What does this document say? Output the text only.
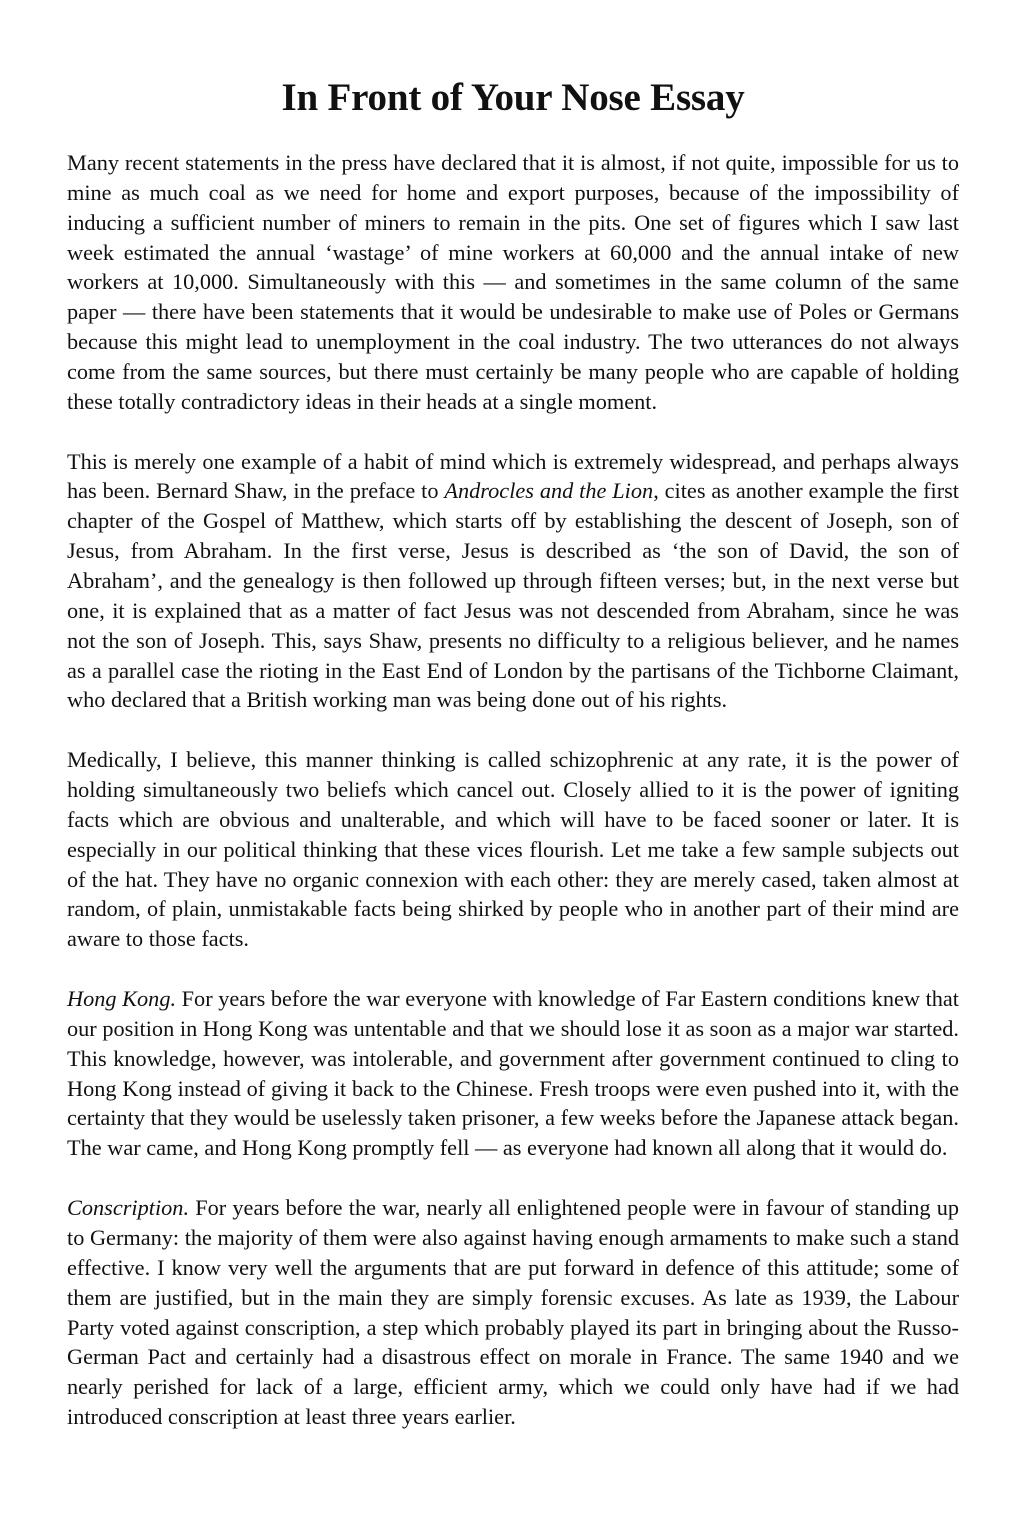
In Front of Your Nose Essay

Many recent statements in the press have declared that it is almost, if not quite, impossible for us to mine as much coal as we need for home and export purposes, because of the impossibility of inducing a sufficient number of miners to remain in the pits. One set of figures which I saw last week estimated the annual ‘wastage’ of mine workers at 60,000 and the annual intake of new workers at 10,000. Simultaneously with this — and sometimes in the same column of the same paper — there have been statements that it would be undesirable to make use of Poles or Germans because this might lead to unemployment in the coal industry. The two utterances do not always come from the same sources, but there must certainly be many people who are capable of holding these totally contradictory ideas in their heads at a single moment.

This is merely one example of a habit of mind which is extremely widespread, and perhaps always has been. Bernard Shaw, in the preface to Androcles and the Lion, cites as another example the first chapter of the Gospel of Matthew, which starts off by establishing the descent of Joseph, son of Jesus, from Abraham. In the first verse, Jesus is described as ‘the son of David, the son of Abraham’, and the genealogy is then followed up through fifteen verses; but, in the next verse but one, it is explained that as a matter of fact Jesus was not descended from Abraham, since he was not the son of Joseph. This, says Shaw, presents no difficulty to a religious believer, and he names as a parallel case the rioting in the East End of London by the partisans of the Tichborne Claimant, who declared that a British working man was being done out of his rights.

Medically, I believe, this manner thinking is called schizophrenic at any rate, it is the power of holding simultaneously two beliefs which cancel out. Closely allied to it is the power of igniting facts which are obvious and unalterable, and which will have to be faced sooner or later. It is especially in our political thinking that these vices flourish. Let me take a few sample subjects out of the hat. They have no organic connexion with each other: they are merely cased, taken almost at random, of plain, unmistakable facts being shirked by people who in another part of their mind are aware to those facts.

Hong Kong. For years before the war everyone with knowledge of Far Eastern conditions knew that our position in Hong Kong was untentable and that we should lose it as soon as a major war started. This knowledge, however, was intolerable, and government after government continued to cling to Hong Kong instead of giving it back to the Chinese. Fresh troops were even pushed into it, with the certainty that they would be uselessly taken prisoner, a few weeks before the Japanese attack began. The war came, and Hong Kong promptly fell — as everyone had known all along that it would do.

Conscription. For years before the war, nearly all enlightened people were in favour of standing up to Germany: the majority of them were also against having enough armaments to make such a stand effective. I know very well the arguments that are put forward in defence of this attitude; some of them are justified, but in the main they are simply forensic excuses. As late as 1939, the Labour Party voted against conscription, a step which probably played its part in bringing about the Russo-German Pact and certainly had a disastrous effect on morale in France. The same 1940 and we nearly perished for lack of a large, efficient army, which we could only have had if we had introduced conscription at least three years earlier.
